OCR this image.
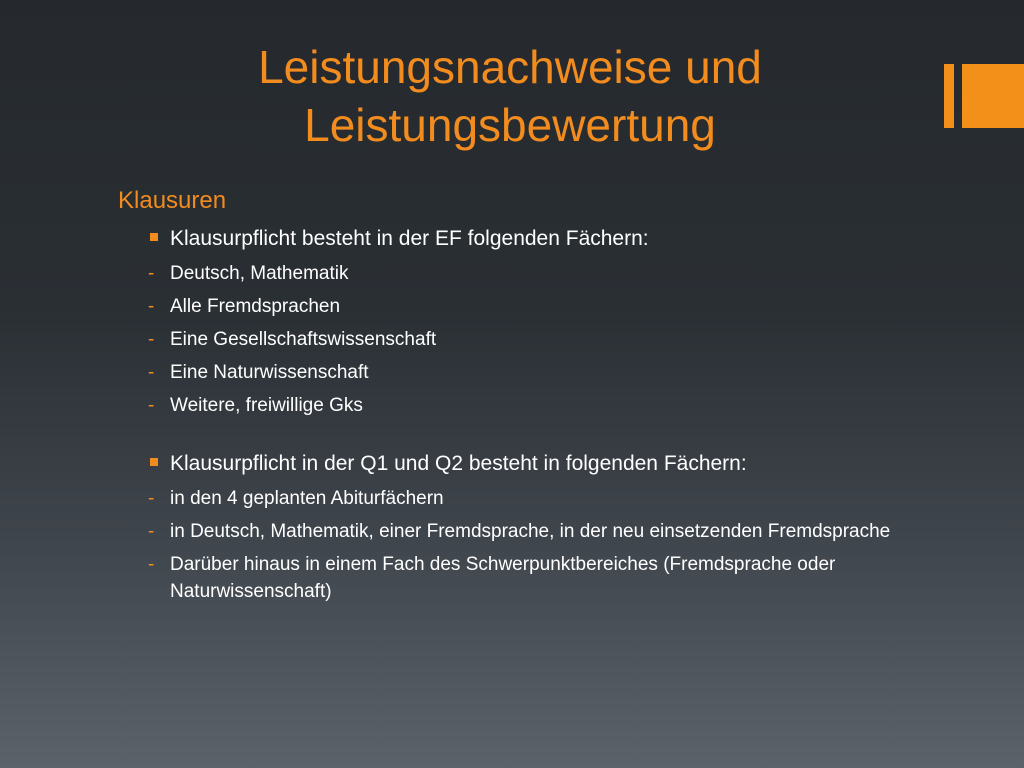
Leistungsnachweise und
Leistungsbewertung
Klausuren
Klausurpflicht besteht in der EF folgenden Fächern:
- Deutsch, Mathematik
- Alle Fremdsprachen
- Eine Gesellschaftswissenschaft
- Eine Naturwissenschaft
- Weitere, freiwillige Gks
Klausurpflicht in der Q1 und Q2 besteht in folgenden Fächern:
- in den 4 geplanten Abiturfächern
- in Deutsch, Mathematik, einer Fremdsprache, in der neu einsetzenden Fremdsprache
- Darüber hinaus in einem Fach des Schwerpunktbereiches (Fremdsprache oder Naturwissenschaft)
